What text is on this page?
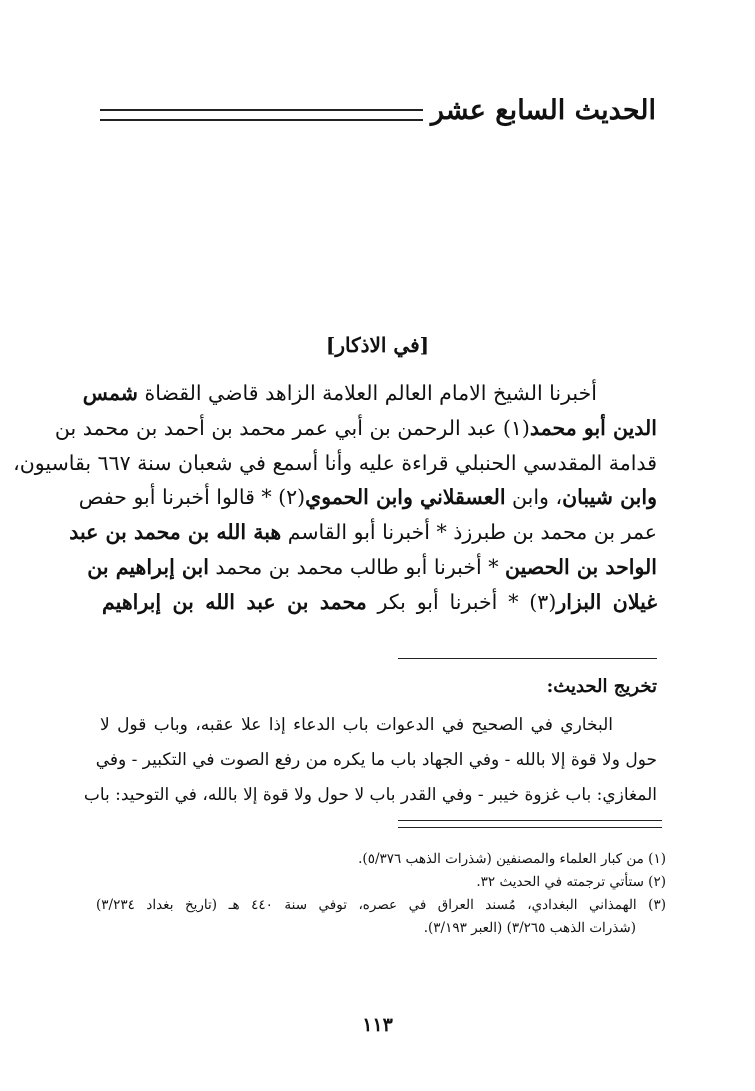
الحديث السابع عشر
[في الاذكار]

أخبرنا الشيخ الامام العالم العلامة الزاهد قاضي القضاة شمس

الدين أبو محمد(١) عبد الرحمن بن أبي عمر محمد بن أحمد بن محمد بن

قدامة المقدسي الحنبلي قراءة عليه وأنا أسمع في شعبان سنة ٦٦٧ بقاسيون،

وابن شيبان، وابن العسقلاني وابن الحموي(٢) * قالوا أخبرنا أبو حفص

عمر بن محمد بن طبرزذ * أخبرنا أبو القاسم هبة الله بن محمد بن عبد

الواحد بن الحصين * أخبرنا أبو طالب محمد بن محمد ابن إبراهيم بن

غيلان البزار(٣) * أخبرنا أبو بكر محمد بن عبد الله بن إبراهيم

تخريج الحديث:

البخاري في الصحيح في الدعوات باب الدعاء إذا علا عقبه، وباب قول لا

حول ولا قوة إلا بالله - وفي الجهاد باب ما يكره من رفع الصوت في التكبير - وفي

المغازي: باب غزوة خيبر - وفي القدر باب لا حول ولا قوة إلا بالله، في التوحيد: باب

(١) من كبار العلماء والمصنفين (شذرات الذهب ٥/٣٧٦).

(٢) ستأتي ترجمته في الحديث ٣٢.

(٣) الهمذاني البغدادي، مُسند العراق في عصره، توفي سنة ٤٤٠ هـ (تاريخ بغداد ٣/٢٣٤)

(شذرات الذهب ٣/٢٦٥) (العبر ٣/١٩٣).

١١٣
